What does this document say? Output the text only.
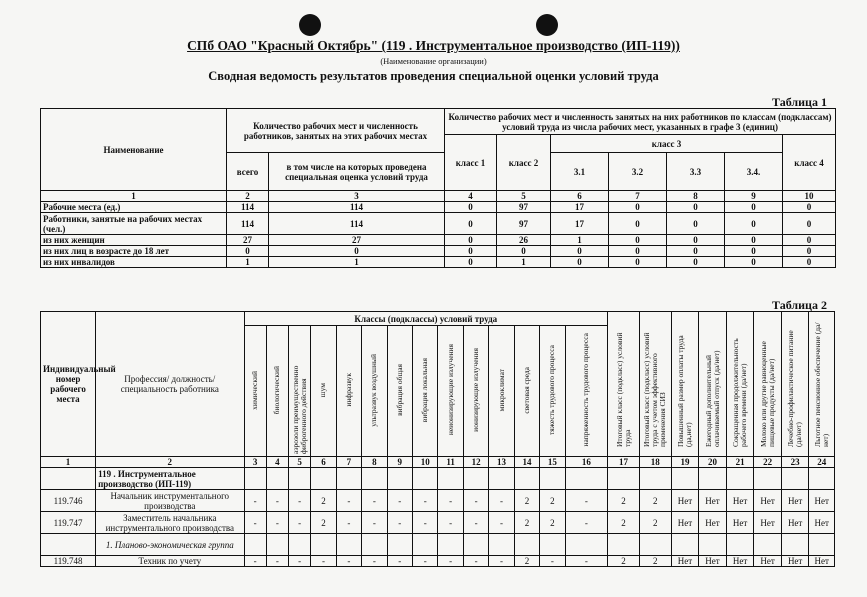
СПб ОАО "Красный Октябрь" (119 . Инструментальное производство (ИП-119))
(Наименование организации)
Сводная ведомость результатов проведения специальной оценки условий труда
Таблица 1
Наименование	Количество рабочих мест и численность работников, занятых на этих рабочих местах		Количество рабочих мест и численность занятых на них работников по классам (подклассам) условий труда из числа рабочих мест, указанных в графе 3 (единиц)						
			класс 1	класс 2	класс 3				класс 4
	всего	в том числе на которых проведена специальная оценка условий труда			3.1	3.2	3.3	3.4.	
1	2	3	4	5	6	7	8	9	10
Рабочие места (ед.)	114	114	0	97	17	0	0	0	0
Работники, занятые на рабочих местах (чел.)	114	114	0	97	17	0	0	0	0
из них женщин	27	27	0	26	1	0	0	0	0
из них лиц в возрасте до 18 лет	0	0	0	0	0	0	0	0	0
из них инвалидов	1	1	0	1	0	0	0	0	0
Таблица 2
Индивидуальный номер рабочего места	Профессия/ должность/ специальность работника	Классы (подклассы) условий труда														Итоговый класс (подкласс) условий труда	Итоговый класс (подкласс) условий труда с учетом эффективного применения СИЗ	Повышенный размер оплаты труда (да,нет)	Ежегодный дополнительный оплачиваемый отпуск (да/нет)	Сокращенная продолжительность рабочего времени (да/нет)	Молоко или другие равноценные пищевые продукты (да/нет)	Лечебно-профилактическое питание (да/нет)	Льготное пенсионное обеспечение (да/нет)
		химический	биологический	аэрозоли преимущественно фиброгенного действия	шум	инфразвук	ультразвук воздушный	вибрация общая	вибрация локальная	неионизирующие излучения	ионизирующие излучения	микроклимат	световая среда	тяжесть трудового процесса	напряженность трудового процесса								
1	2	3	4	5	6	7	8	9	10	11	12	13	14	15	16	17	18	19	20	21	22	23	24
	119 . Инструментальное производство (ИП-119)																						
119.746	Начальник инструментального производства	-	-	-	2	-	-	-	-	-	-	-	2	2	-	2	2	Нет	Нет	Нет	Нет	Нет	Нет
119.747	Заместитель начальника инструментального производства	-	-	-	2	-	-	-	-	-	-	-	2	2	-	2	2	Нет	Нет	Нет	Нет	Нет	Нет
	1. Планово-экономическая группа																						
119.748	Техник по учету	-	-	-	-	-	-	-	-	-	-	-	2	-	-	2	2	Нет	Нет	Нет	Нет	Нет	Нет
